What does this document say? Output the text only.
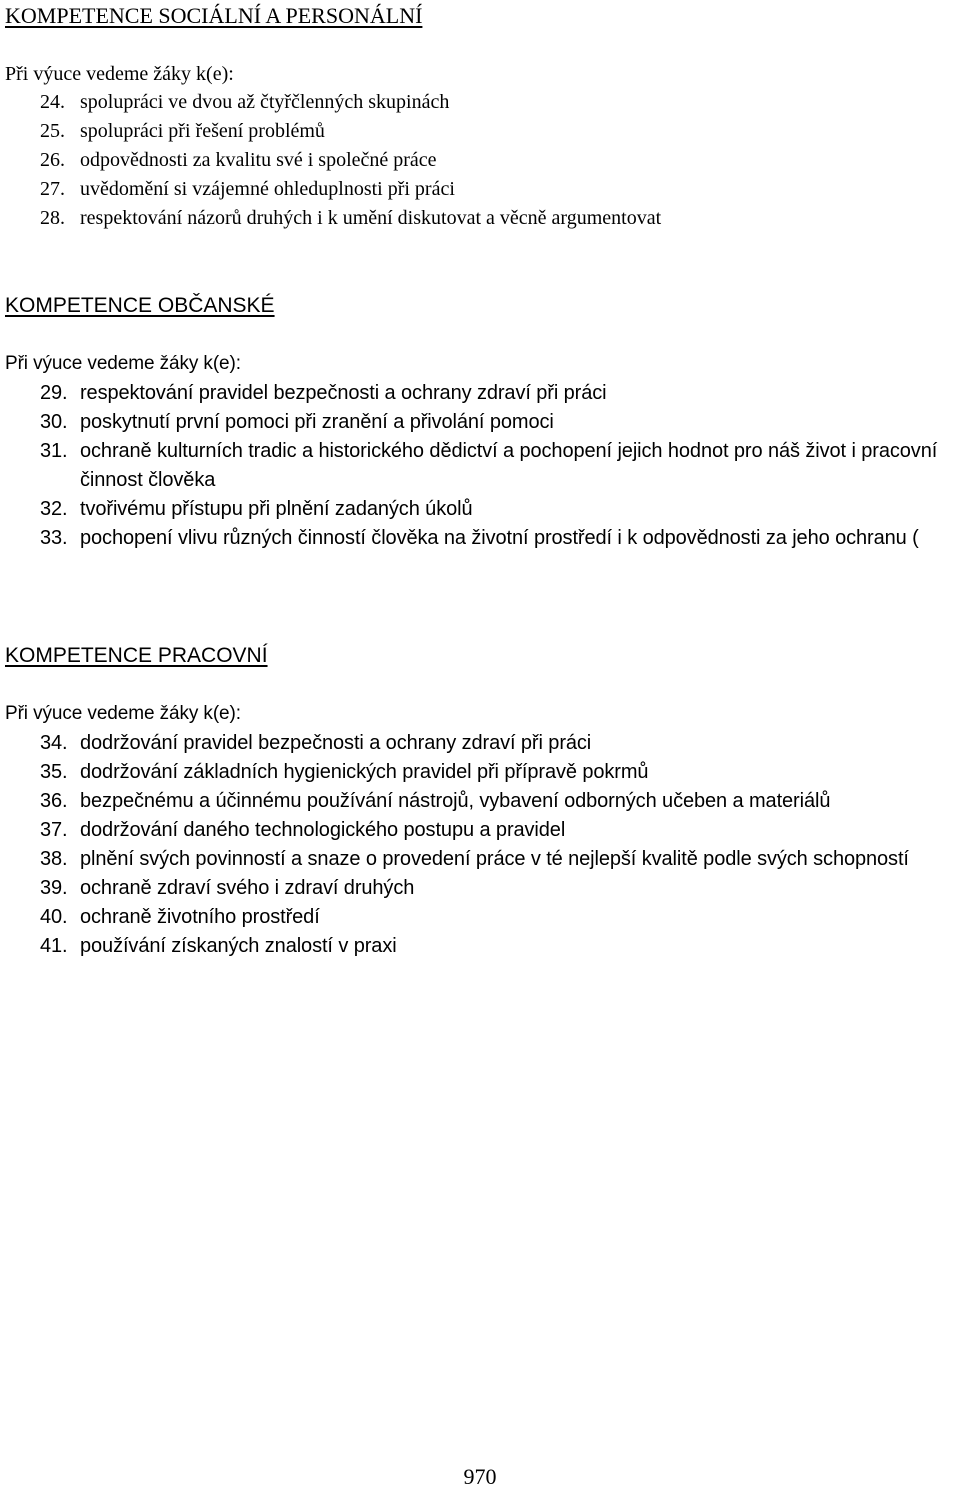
KOMPETENCE SOCIÁLNÍ A PERSONÁLNÍ
Při výuce vedeme žáky k(e):
24. spolupráci ve dvou až čtyřčlenných skupinách
25. spolupráci při řešení problémů
26. odpovědnosti za kvalitu své i společné práce
27. uvědomění si vzájemné ohleduplnosti při práci
28. respektování názorů druhých i k umění diskutovat a věcně argumentovat
KOMPETENCE OBČANSKÉ
Při výuce vedeme žáky k(e):
29. respektování pravidel bezpečnosti a ochrany zdraví při práci
30. poskytnutí první pomoci při zranění a přivolání pomoci
31. ochraně kulturních tradic a historického dědictví a pochopení jejich hodnot pro náš život i pracovní činnost člověka
32. tvořivému přístupu při plnění zadaných úkolů
33. pochopení vlivu různých činností člověka na životní prostředí i k odpovědnosti za jeho ochranu (
KOMPETENCE PRACOVNÍ
Při výuce vedeme žáky k(e):
34. dodržování pravidel bezpečnosti a ochrany zdraví při práci
35. dodržování základních hygienických pravidel při přípravě pokrmů
36. bezpečnému a účinnému používání nástrojů, vybavení odborných učeben a materiálů
37. dodržování daného technologického postupu a pravidel
38. plnění svých povinností a snaze o provedení práce v té nejlepší kvalitě podle svých schopností
39. ochraně zdraví svého i zdraví druhých
40. ochraně životního prostředí
41. používání získaných znalostí v praxi
970
